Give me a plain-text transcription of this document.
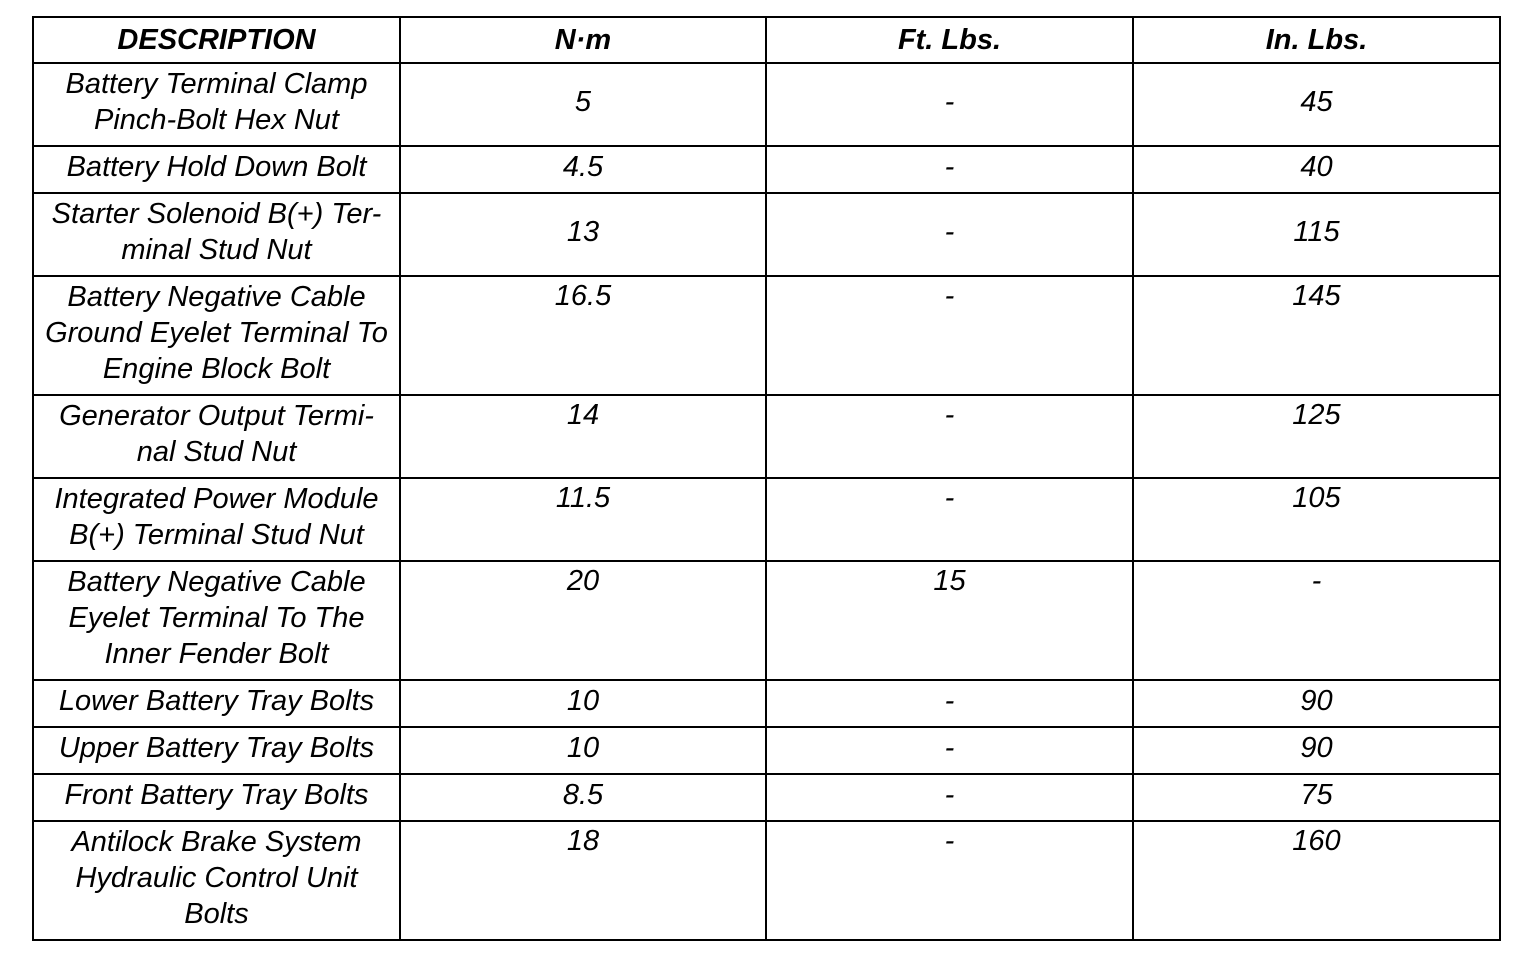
DESCRIPTION	N·m	Ft. Lbs.	In. Lbs.
Battery Terminal Clamp Pinch-Bolt Hex Nut	5	-	45
Battery Hold Down Bolt	4.5	-	40
Starter Solenoid B(+) Ter-minal Stud Nut	13	-	115
Battery Negative Cable Ground Eyelet Terminal To Engine Block Bolt	16.5	-	145
Generator Output Termi-nal Stud Nut	14	-	125
Integrated Power Module B(+) Terminal Stud Nut	11.5	-	105
Battery Negative Cable Eyelet Terminal To The Inner Fender Bolt	20	15	-
Lower Battery Tray Bolts	10	-	90
Upper Battery Tray Bolts	10	-	90
Front Battery Tray Bolts	8.5	-	75
Antilock Brake System Hydraulic Control Unit Bolts	18	-	160
